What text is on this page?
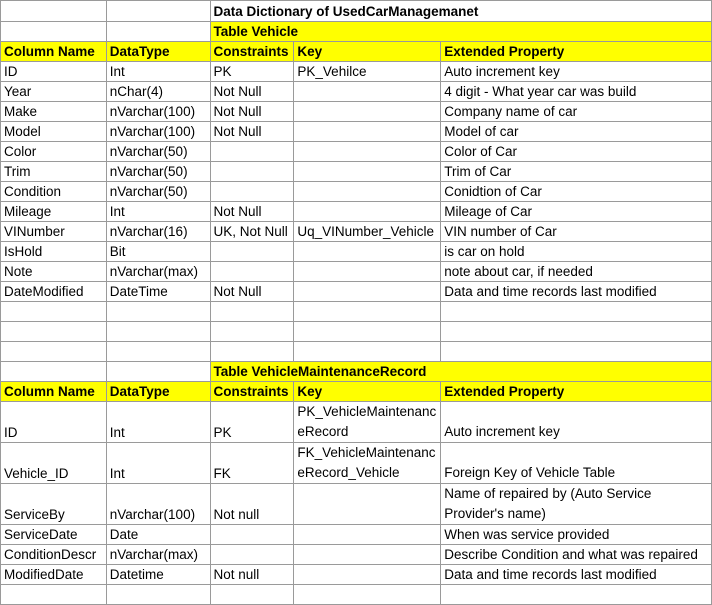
		Data Dictionary of UsedCarManagemanet		
		Table Vehicle		
Column Name	DataType	Constraints	Key	Extended Property
ID	Int	PK	PK_Vehilce	Auto increment key
Year	nChar(4)	Not Null		4 digit - What year car was build
Make	nVarchar(100)	Not Null		Company name of car
Model	nVarchar(100)	Not Null		Model of car
Color	nVarchar(50)			Color of Car
Trim	nVarchar(50)			Trim of Car
Condition	nVarchar(50)			Conidtion of Car
Mileage	Int	Not Null		Mileage of Car
VINumber	nVarchar(16)	UK, Not Null	Uq_VINumber_Vehicle	VIN number of Car
IsHold	Bit			is car on hold
Note	nVarchar(max)			note about car, if needed
DateModified	DateTime	Not Null		Data and time records last modified

		Table VehicleMaintenanceRecord		
Column Name	DataType	Constraints	Key	Extended Property
ID	Int	PK	PK_VehicleMaintenanceRecord	Auto increment key
Vehicle_ID	Int	FK	FK_VehicleMaintenanceRecord_Vehicle	Foreign Key of Vehicle Table
ServiceBy	nVarchar(100)	Not null		Name of repaired by (Auto Service Provider's name)
ServiceDate	Date			When was service provided
ConditionDescr	nVarchar(max)			Describe Condition and what was repaired
ModifiedDate	Datetime	Not null		Data and time records last modified
